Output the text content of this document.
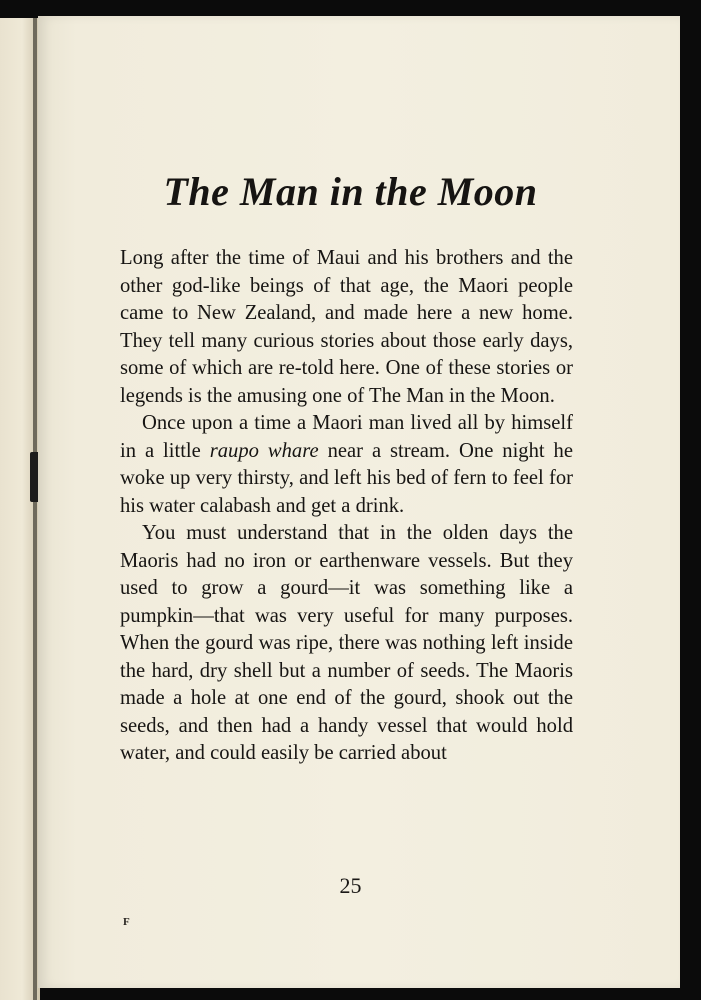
The Man in the Moon

Long after the time of Maui and his brothers and the other god-like beings of that age, the Maori people came to New Zealand, and made here a new home. They tell many curious stories about those early days, some of which are re-told here. One of these stories or legends is the amusing one of The Man in the Moon.

Once upon a time a Maori man lived all by himself in a little raupo whare near a stream. One night he woke up very thirsty, and left his bed of fern to feel for his water calabash and get a drink.

You must understand that in the olden days the Maoris had no iron or earthenware vessels. But they used to grow a gourd—it was something like a pumpkin—that was very useful for many purposes. When the gourd was ripe, there was nothing left inside the hard, dry shell but a number of seeds. The Maoris made a hole at one end of the gourd, shook out the seeds, and then had a handy vessel that would hold water, and could easily be carried about

25
F
